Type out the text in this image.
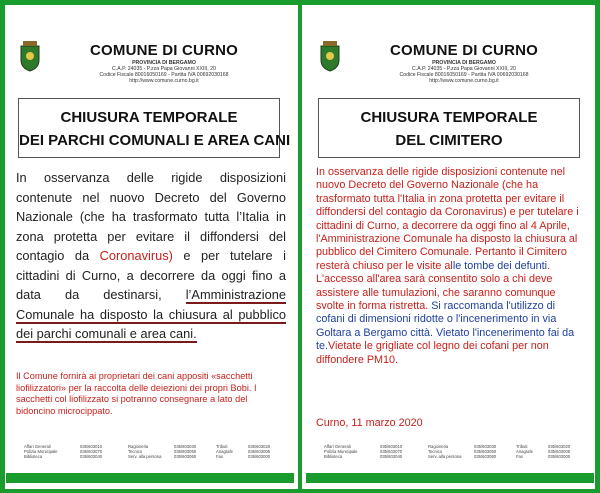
COMUNE DI CURNO
PROVINCIA DI BERGAMO
C.A.P. 24035 - P.zza Papa Giovanni XXIII, 20
Codice Fiscale 80016050169 - Partita IVA 00692030168
http://www.comune.curno.bg.it
CHIUSURA TEMPORALE
DEI PARCHI COMUNALI E AREA CANI
In osservanza delle rigide disposizioni contenute nel nuovo Decreto del Governo Nazionale (che ha trasformato tutta l’Italia in zona protetta per evitare il diffondersi del contagio da Coronavirus) e per tutelare i cittadini di Curno, a decorrere da oggi fino a data da destinarsi, l’Amministrazione Comunale ha disposto la chiusura al pubblico dei parchi comunali e area cani.
Il Comune fornirà ai proprietari dei cani appositi «sacchetti liofilizzatori» per la raccolta delle deiezioni dei propri Bobi. I sacchetti col liofilizzato si potranno consegnare a lato del bidoncino microcippato.
Affari Generali
Polizia Municipale
Biblioteca
035/603010
035/603070
035/603040
Ragioneria
Tecnico
Serv. alla persona
035/603030
035/603050
035/603060
Tributi
Anagrafe
Fax
035/603020
035/603005
035/603000
COMUNE DI CURNO
PROVINCIA DI BERGAMO
C.A.P. 24035 - P.zza Papa Giovanni XXIII, 20
Codice Fiscale 80016050169 - Partita IVA 00692030168
http://www.comune.curno.bg.it
CHIUSURA TEMPORALE
DEL CIMITERO
In osservanza delle rigide disposizioni contenute nel nuovo Decreto del Governo Nazionale (che ha trasformato tutta l'Italia in zona protetta per evitare il diffondersi del contagio da Coronavirus) e per tutelare i cittadini di Curno, a decorrere da oggi fino al 4 Aprile, l'Amministrazione Comunale ha disposto la chiusura al pubblico del Cimitero Comunale. Pertanto il Cimitero resterà chiuso per le visite alle tombe dei defunti. L'accesso all'area sarà consentito solo a chi deve assistere alle tumulazioni, che saranno comunque svolte in forma ristretta. Si raccomanda l'utilizzo di cofani di dimensioni ridotte o l'incenerimento in via Goltara a Bergamo città. Vietato l'incenerimento fai da te.Vietate le grigliate col legno dei cofani per non diffondere PM10.
Curno, 11 marzo 2020
Affari Generali
Polizia Municipale
Biblioteca
035/603010
035/603070
035/603040
Ragioneria
Tecnico
Serv. alla persona
035/603030
035/603050
035/603060
Tributi
Anagrafe
Fax
035/603020
035/603005
035/603000
